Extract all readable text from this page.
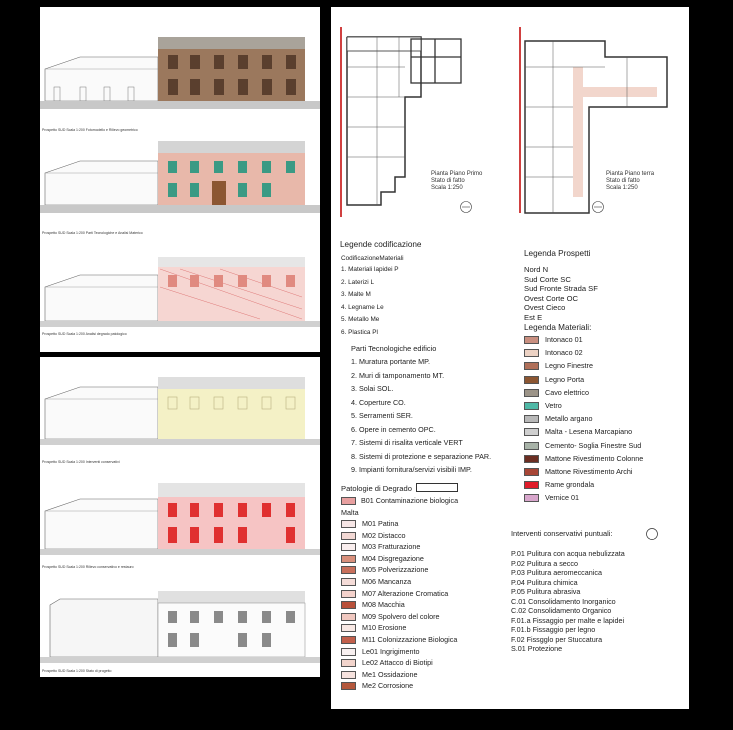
Prospetto SUD Scala 1:200 Fotomodello e Rilievo geometrico
Prospetto SUD Scala 1:200 Parti Tecnologiche e Analisi Materico
Prospetto SUD Scala 1:200 Analisi degrado patologico
Prospetto SUD Scala 1:200 Interventi conservativi
Prospetto SUD Scala 1:200 Rilievo conservativo e restauro
Prospetto SUD Scala 1:200 Stato di progetto
Pianta Piano Primo
Stato di fatto
Scala 1:250
Pianta Piano terra
Stato di fatto
Scala 1:250
Legende codificazione
CodificazioneMateriali
1. Materiali lapidei P
2. Laterizi L
3. Malte M
4. Legname Le
5. Metallo Me
6. Plastica Pl
Legenda Prospetti
Nord N
Sud Corte SC
Sud Fronte Strada SF
Ovest Corte OC
Ovest Cieco
Est E
Parti Tecnologiche edificio
1. Muratura portante MP.
2. Muri di tamponamento MT.
3. Solai SOL.
4. Coperture CO.
5. Serramenti SER.
6. Opere in cemento OPC.
7. Sistemi di risalita verticale VERT
8. Sistemi di protezione e separazione PAR.
9. Impianti fornitura/servizi visibili IMP.
Legenda Materiali:
Intonaco 01
Intonaco 02
Legno Finestre
Legno Porta
Cavo elettrico
Vetro
Metallo argano
Malta - Lesena Marcapiano
Cemento- Soglia Finestre Sud
Mattone Rivestimento Colonne
Mattone Rivestimento Archi
Rame grondala
Vernice 01
Patologie di Degrado
B01 Contaminazione biologica
Malta
M01 Patina
M02 Distacco
M03 Fratturazione
M04 Disgregazione
M05 Polverizzazione
M06 Mancanza
M07 Alterazione Cromatica
M08 Macchia
M09 Spolvero del colore
M10 Erosione
M11 Colonizzazione Biologica
Le01 Ingrigimento
Le02 Attacco di Biotipi
Me1 Ossidazione
Me2 Corrosione
Interventi conservativi puntuali:
P.01 Pulitura con acqua nebulizzata
P.02 Pulitura a secco
P.03 Pulitura aeromeccanica
P.04 Pulitura chimica
P.05 Pulitura abrasiva
C.01 Consolidamento Inorganico
C.02 Consolidamento Organico
F.01.a Fissaggio per malte e lapidei
F.01.b Fissaggio per legno
F.02 Fissgglo per Stuccatura
S.01 Protezione
